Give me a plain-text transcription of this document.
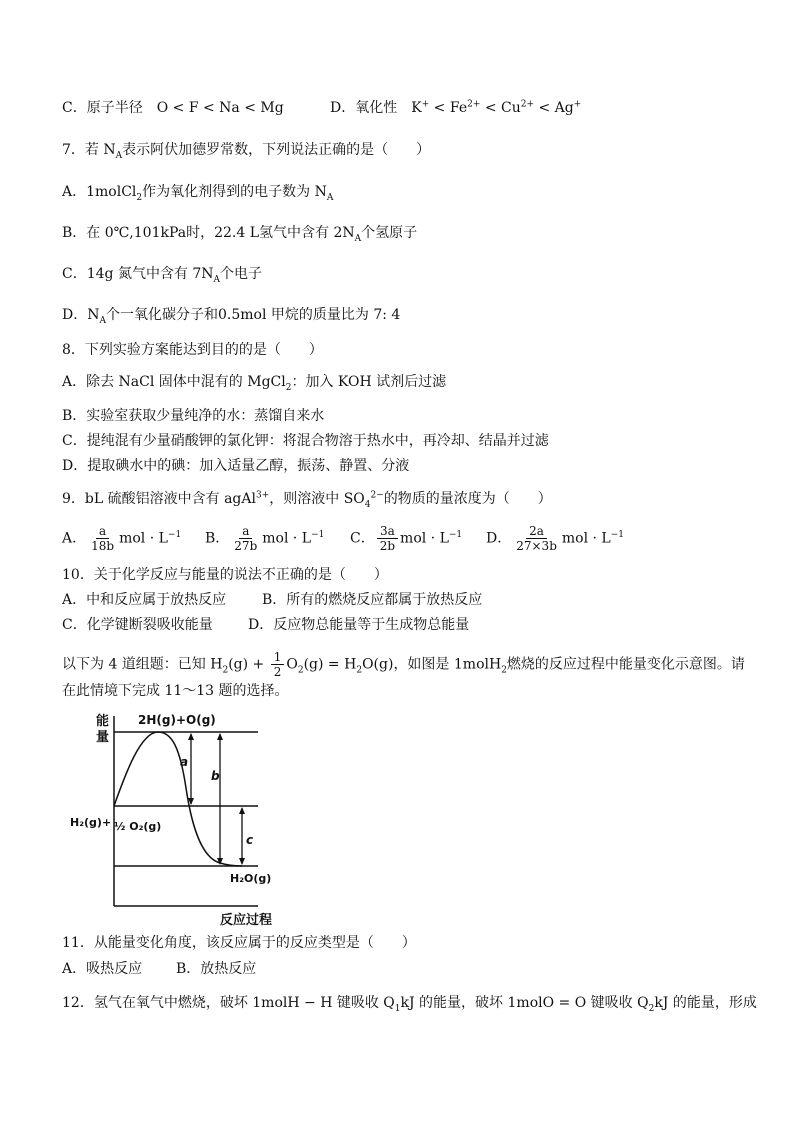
C．原子半径　O < F < Na < Mg	D．氧化性　$K^+ < Fe^{2+} < Cu^{2+} < Ag^+$
7．若 $N_A$表示阿伏加德罗常数，下列说法正确的是（　　）
A．1molCl$_2$作为氧化剂得到的电子数为 $N_A$
B．在 0℃,101kPa时，22.4 L氢气中含有 $2N_A$个氢原子
C．14g 氮气中含有 $7N_A$个电子
D．$N_A$个一氧化碳分子和0.5mol 甲烷的质量比为 7: 4
8．下列实验方案能达到目的的是（　　）
A．除去 NaCl 固体中混有的 MgCl$_2$：加入 KOH 试剂后过滤
B．实验室获取少量纯净的水：蒸馏自来水
C．提纯混有少量硝酸钾的氯化钾：将混合物溶于热水中，再冷却、结晶并过滤
D．提取碘水中的碘：加入适量乙醇，振荡、静置、分液
9．bL 硫酸铝溶液中含有 agAl$^{3+}$，则溶液中 $SO_4^{2-}$的物质的量浓度为（　　）
A． $\frac{a}{18b}$ mol · $L^{-1}$ B． $\frac{a}{27b}$ mol · $L^{-1}$ C． $\frac{3a}{2b}$ mol · $L^{-1}$ D． $\frac{2a}{27\times 3b}$ mol · $L^{-1}$
10．关于化学反应与能量的说法不正确的是（　　）
A．中和反应属于放热反应	B．所有的燃烧反应都属于放热反应
C．化学键断裂吸收能量	D．反应物总能量等于生成物总能量
以下为 4 道组题：已知 $H_2(g) + \frac{1}{2} O_2(g) = H_2O(g)$，如图是 1molH$_2$燃烧的反应过程中能量变化示意图。请
在此情境下完成 11～13 题的选择。
能
量
2H(g)+O(g)
H₂(g)+ ½ O₂(g)
H₂O(g)
反应过程
a
b
c
11．从能量变化角度，该反应属于的反应类型是（　　）
A．吸热反应 B．放热反应
12．氢气在氧气中燃烧，破坏 1molH − H 键吸收 $Q_1kJ$ 的能量，破坏 1molO = O 键吸收 $Q_2kJ$ 的能量，形成
